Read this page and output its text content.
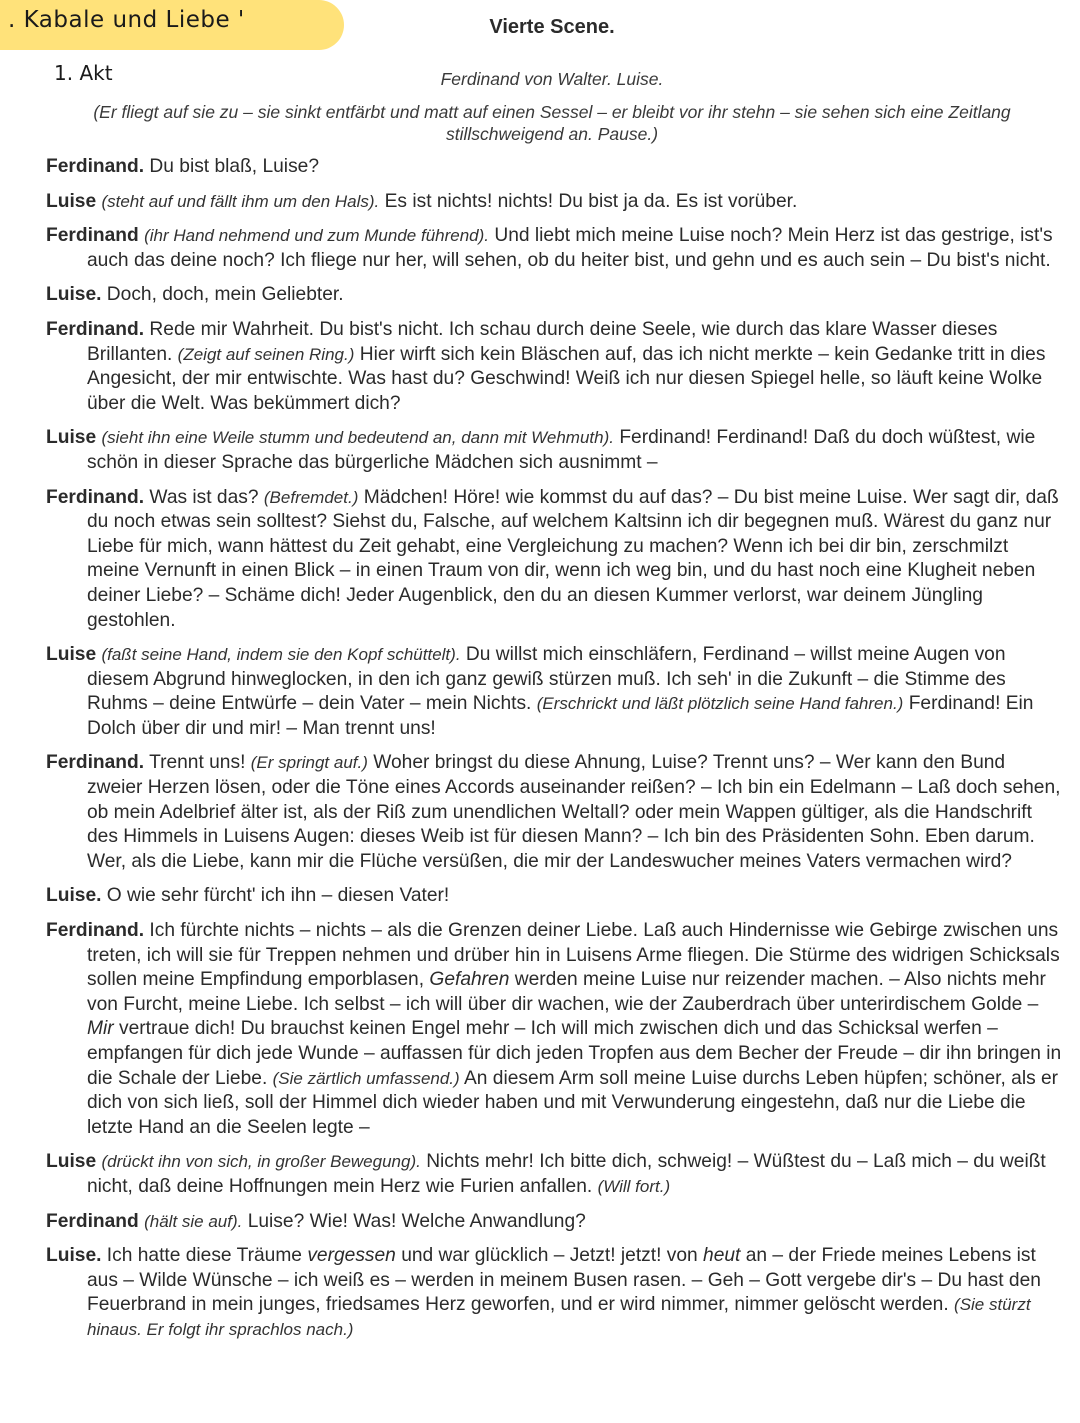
. Kabale und Liebe '
1. Akt
Vierte Scene.
Ferdinand von Walter. Luise.
(Er fliegt auf sie zu – sie sinkt entfärbt und matt auf einen Sessel – er bleibt vor ihr stehn – sie sehen sich eine Zeitlang stillschweigend an. Pause.)

Ferdinand. Du bist blaß, Luise?

Luise (steht auf und fällt ihm um den Hals). Es ist nichts! nichts! Du bist ja da. Es ist vorüber.

Ferdinand (ihr Hand nehmend und zum Munde führend). Und liebt mich meine Luise noch? Mein Herz ist das gestrige, ist's auch das deine noch? Ich fliege nur her, will sehen, ob du heiter bist, und gehn und es auch sein – Du bist's nicht.

Luise. Doch, doch, mein Geliebter.

Ferdinand. Rede mir Wahrheit. Du bist's nicht. Ich schau durch deine Seele, wie durch das klare Wasser dieses Brillanten. (Zeigt auf seinen Ring.) Hier wirft sich kein Bläschen auf, das ich nicht merkte – kein Gedanke tritt in dies Angesicht, der mir entwischte. Was hast du? Geschwind! Weiß ich nur diesen Spiegel helle, so läuft keine Wolke über die Welt. Was bekümmert dich?

Luise (sieht ihn eine Weile stumm und bedeutend an, dann mit Wehmuth). Ferdinand! Ferdinand! Daß du doch wüßtest, wie schön in dieser Sprache das bürgerliche Mädchen sich ausnimmt –

Ferdinand. Was ist das? (Befremdet.) Mädchen! Höre! wie kommst du auf das? – Du bist meine Luise. Wer sagt dir, daß du noch etwas sein solltest? Siehst du, Falsche, auf welchem Kaltsinn ich dir begegnen muß. Wärest du ganz nur Liebe für mich, wann hättest du Zeit gehabt, eine Vergleichung zu machen? Wenn ich bei dir bin, zerschmilzt meine Vernunft in einen Blick – in einen Traum von dir, wenn ich weg bin, und du hast noch eine Klugheit neben deiner Liebe? – Schäme dich! Jeder Augenblick, den du an diesen Kummer verlorst, war deinem Jüngling gestohlen.

Luise (faßt seine Hand, indem sie den Kopf schüttelt). Du willst mich einschläfern, Ferdinand – willst meine Augen von diesem Abgrund hinweglocken, in den ich ganz gewiß stürzen muß. Ich seh' in die Zukunft – die Stimme des Ruhms – deine Entwürfe – dein Vater – mein Nichts. (Erschrickt und läßt plötzlich seine Hand fahren.) Ferdinand! Ein Dolch über dir und mir! – Man trennt uns!

Ferdinand. Trennt uns! (Er springt auf.) Woher bringst du diese Ahnung, Luise? Trennt uns? – Wer kann den Bund zweier Herzen lösen, oder die Töne eines Accords auseinander reißen? – Ich bin ein Edelmann – Laß doch sehen, ob mein Adelbrief älter ist, als der Riß zum unendlichen Weltall? oder mein Wappen gültiger, als die Handschrift des Himmels in Luisens Augen: dieses Weib ist für diesen Mann? – Ich bin des Präsidenten Sohn. Eben darum. Wer, als die Liebe, kann mir die Flüche versüßen, die mir der Landeswucher meines Vaters vermachen wird?

Luise. O wie sehr fürcht' ich ihn – diesen Vater!

Ferdinand. Ich fürchte nichts – nichts – als die Grenzen deiner Liebe. Laß auch Hindernisse wie Gebirge zwischen uns treten, ich will sie für Treppen nehmen und drüber hin in Luisens Arme fliegen. Die Stürme des widrigen Schicksals sollen meine Empfindung emporblasen, Gefahren werden meine Luise nur reizender machen. – Also nichts mehr von Furcht, meine Liebe. Ich selbst – ich will über dir wachen, wie der Zauberdrach über unterirdischem Golde – Mir vertraue dich! Du brauchst keinen Engel mehr – Ich will mich zwischen dich und das Schicksal werfen – empfangen für dich jede Wunde – auffassen für dich jeden Tropfen aus dem Becher der Freude – dir ihn bringen in die Schale der Liebe. (Sie zärtlich umfassend.) An diesem Arm soll meine Luise durchs Leben hüpfen; schöner, als er dich von sich ließ, soll der Himmel dich wieder haben und mit Verwunderung eingestehn, daß nur die Liebe die letzte Hand an die Seelen legte –

Luise (drückt ihn von sich, in großer Bewegung). Nichts mehr! Ich bitte dich, schweig! – Wüßtest du – Laß mich – du weißt nicht, daß deine Hoffnungen mein Herz wie Furien anfallen. (Will fort.)

Ferdinand (hält sie auf). Luise? Wie! Was! Welche Anwandlung?

Luise. Ich hatte diese Träume vergessen und war glücklich – Jetzt! jetzt! von heut an – der Friede meines Lebens ist aus – Wilde Wünsche – ich weiß es – werden in meinem Busen rasen. – Geh – Gott vergebe dir's – Du hast den Feuerbrand in mein junges, friedsames Herz geworfen, und er wird nimmer, nimmer gelöscht werden. (Sie stürzt hinaus. Er folgt ihr sprachlos nach.)
